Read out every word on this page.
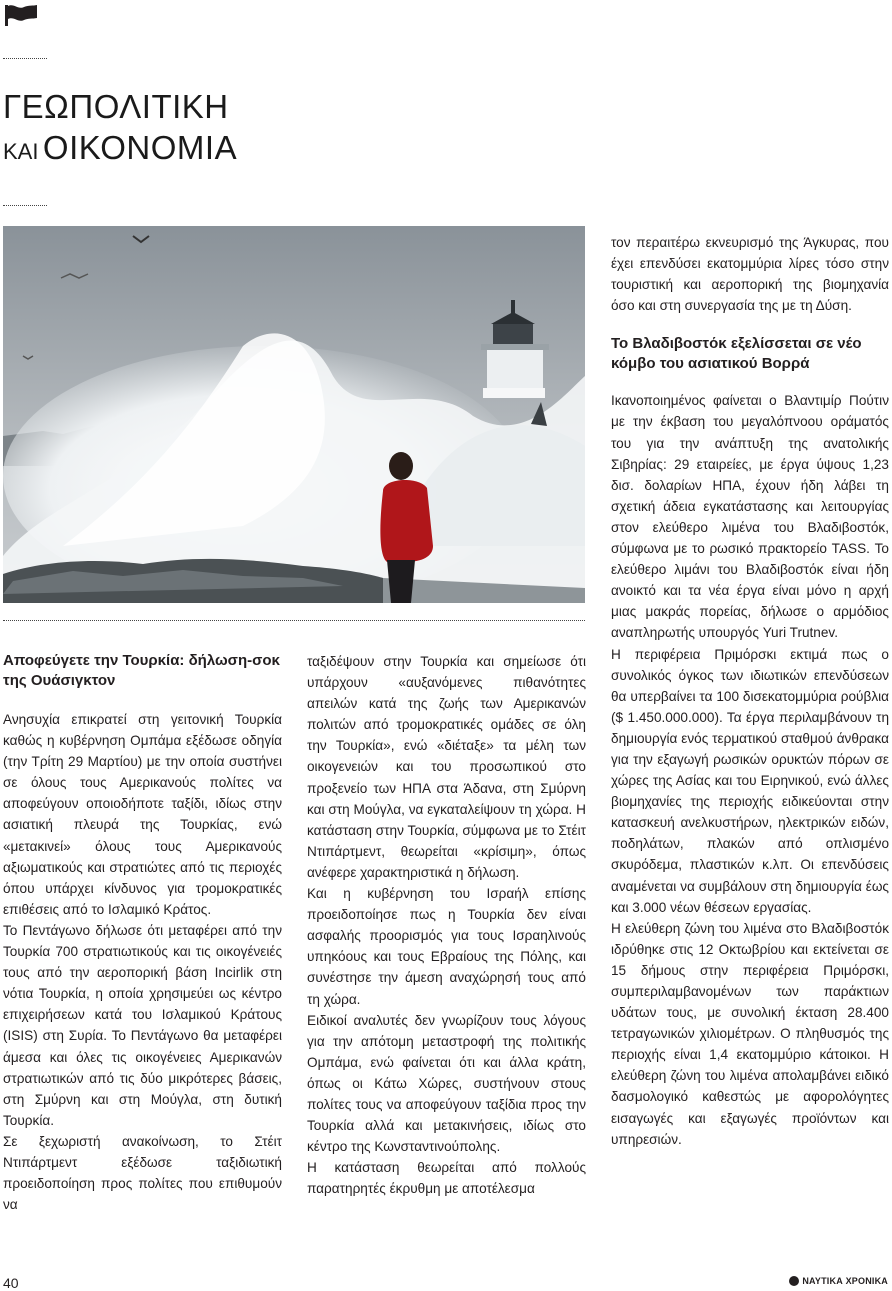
ΓΕΩΠΟΛΙΤΙΚΗ
ΚΑΙ ΟΙΚΟΝΟΜΙΑ
Αποφεύγετε την Τουρκία: δήλωση-σοκ της Ουάσιγκτον

Ανησυχία επικρατεί στη γειτονική Τουρκία καθώς η κυβέρνηση Ομπάμα εξέδωσε οδηγία (την Τρίτη 29 Μαρτίου) με την οποία συστήνει σε όλους τους Αμερικανούς πολίτες να αποφεύγουν οποιοδήποτε ταξίδι, ιδίως στην ασιατική πλευρά της Τουρκίας, ενώ «μετακινεί» όλους τους Αμερικανούς αξιωματικούς και στρατιώτες από τις περιοχές όπου υπάρχει κίνδυνος για τρομοκρατικές επιθέσεις από το Ισλαμικό Κράτος.

Το Πεντάγωνο δήλωσε ότι μεταφέρει από την Τουρκία 700 στρατιωτικούς και τις οικογένειές τους από την αεροπορική βάση Incirlik στη νότια Τουρκία, η οποία χρησιμεύει ως κέντρο επιχειρήσεων κατά του Ισλαμικού Κράτους (ISIS) στη Συρία. Το Πεντάγωνο θα μεταφέρει άμεσα και όλες τις οικογένειες Αμερικανών στρατιωτικών από τις δύο μικρότερες βάσεις, στη Σμύρνη και στη Μούγλα, στη δυτική Τουρκία.

Σε ξεχωριστή ανακοίνωση, το Στέιτ Ντιπάρτμεντ εξέδωσε ταξιδιωτική προειδοποίηση προς πολίτες που επιθυμούν να

ταξιδέψουν στην Τουρκία και σημείωσε ότι υπάρχουν «αυξανόμενες πιθανότητες απειλών κατά της ζωής των Αμερικανών πολιτών από τρομοκρατικές ομάδες σε όλη την Τουρκία», ενώ «διέταξε» τα μέλη των οικογενειών και του προσωπικού στο προξενείο των ΗΠΑ στα Άδανα, στη Σμύρνη και στη Μούγλα, να εγκαταλείψουν τη χώρα. Η κατάσταση στην Τουρκία, σύμφωνα με το Στέιτ Ντιπάρτμεντ, θεωρείται «κρίσιμη», όπως ανέφερε χαρακτηριστικά η δήλωση.

Και η κυβέρνηση του Ισραήλ επίσης προειδοποίησε πως η Τουρκία δεν είναι ασφαλής προορισμός για τους Ισραηλινούς υπηκόους και τους Εβραίους της Πόλης, και συνέστησε την άμεση αναχώρησή τους από τη χώρα.

Ειδικοί αναλυτές δεν γνωρίζουν τους λόγους για την απότομη μεταστροφή της πολιτικής Ομπάμα, ενώ φαίνεται ότι και άλλα κράτη, όπως οι Κάτω Χώρες, συστήνουν στους πολίτες τους να αποφεύγουν ταξίδια προς την Τουρκία αλλά και μετακινήσεις, ιδίως στο κέντρο της Κωνσταντινούπολης.

Η κατάσταση θεωρείται από πολλούς παρατηρητές έκρυθμη με αποτέλεσμα

τον περαιτέρω εκνευρισμό της Άγκυρας, που έχει επενδύσει εκατομμύρια λίρες τόσο στην τουριστική και αεροπορική της βιομηχανία όσο και στη συνεργασία της με τη Δύση.

Το Βλαδιβοστόκ εξελίσσεται σε νέο κόμβο του ασιατικού Βορρά

Ικανοποιημένος φαίνεται ο Βλαντιμίρ Πούτιν με την έκβαση του μεγαλόπνοου οράματός του για την ανάπτυξη της ανατολικής Σιβηρίας: 29 εταιρείες, με έργα ύψους 1,23 δισ. δολαρίων ΗΠΑ, έχουν ήδη λάβει τη σχετική άδεια εγκατάστασης και λειτουργίας στον ελεύθερο λιμένα του Βλαδιβοστόκ, σύμφωνα με το ρωσικό πρακτορείο TASS. Το ελεύθερο λιμάνι του Βλαδιβοστόκ είναι ήδη ανοικτό και τα νέα έργα είναι μόνο η αρχή μιας μακράς πορείας, δήλωσε ο αρμόδιος αναπληρωτής υπουργός Yuri Trutnev.

Η περιφέρεια Πριμόρσκι εκτιμά πως ο συνολικός όγκος των ιδιωτικών επενδύσεων θα υπερβαίνει τα 100 δισεκατομμύρια ρούβλια ($ 1.450.000.000). Τα έργα περιλαμβάνουν τη δημιουργία ενός τερματικού σταθμού άνθρακα για την εξαγωγή ρωσικών ορυκτών πόρων σε χώρες της Ασίας και του Ειρηνικού, ενώ άλλες βιομηχανίες της περιοχής ειδικεύονται στην κατασκευή ανελκυστήρων, ηλεκτρικών ειδών, ποδηλάτων, πλακών από οπλισμένο σκυρόδεμα, πλαστικών κ.λπ. Οι επενδύσεις αναμένεται να συμβάλουν στη δημιουργία έως και 3.000 νέων θέσεων εργασίας.

Η ελεύθερη ζώνη του λιμένα στο Βλαδιβοστόκ ιδρύθηκε στις 12 Οκτωβρίου και εκτείνεται σε 15 δήμους στην περιφέρεια Πριμόρσκι, συμπεριλαμβανομένων των παράκτιων υδάτων τους, με συνολική έκταση 28.400 τετραγωνικών χιλιομέτρων. Ο πληθυσμός της περιοχής είναι 1,4 εκατομμύριο κάτοικοι. Η ελεύθερη ζώνη του λιμένα απολαμβάνει ειδικό δασμολογικό καθεστώς με αφορολόγητες εισαγωγές και εξαγωγές προϊόντων και υπηρεσιών.

40	ΝΑΥΤΙΚΑ ΧΡΟΝΙΚΑ
